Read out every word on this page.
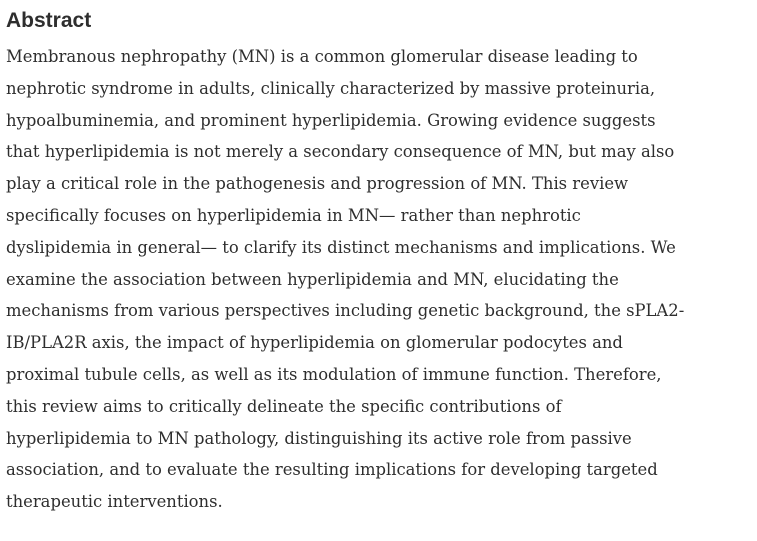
Abstract

Membranous nephropathy (MN) is a common glomerular disease leading to
nephrotic syndrome in adults, clinically characterized by massive proteinuria,
hypoalbuminemia, and prominent hyperlipidemia. Growing evidence suggests
that hyperlipidemia is not merely a secondary consequence of MN, but may also
play a critical role in the pathogenesis and progression of MN. This review
specifically focuses on hyperlipidemia in MN— rather than nephrotic
dyslipidemia in general— to clarify its distinct mechanisms and implications. We
examine the association between hyperlipidemia and MN, elucidating the
mechanisms from various perspectives including genetic background, the sPLA2-
IB/PLA2R axis, the impact of hyperlipidemia on glomerular podocytes and
proximal tubule cells, as well as its modulation of immune function. Therefore,
this review aims to critically delineate the specific contributions of
hyperlipidemia to MN pathology, distinguishing its active role from passive
association, and to evaluate the resulting implications for developing targeted
therapeutic interventions.
